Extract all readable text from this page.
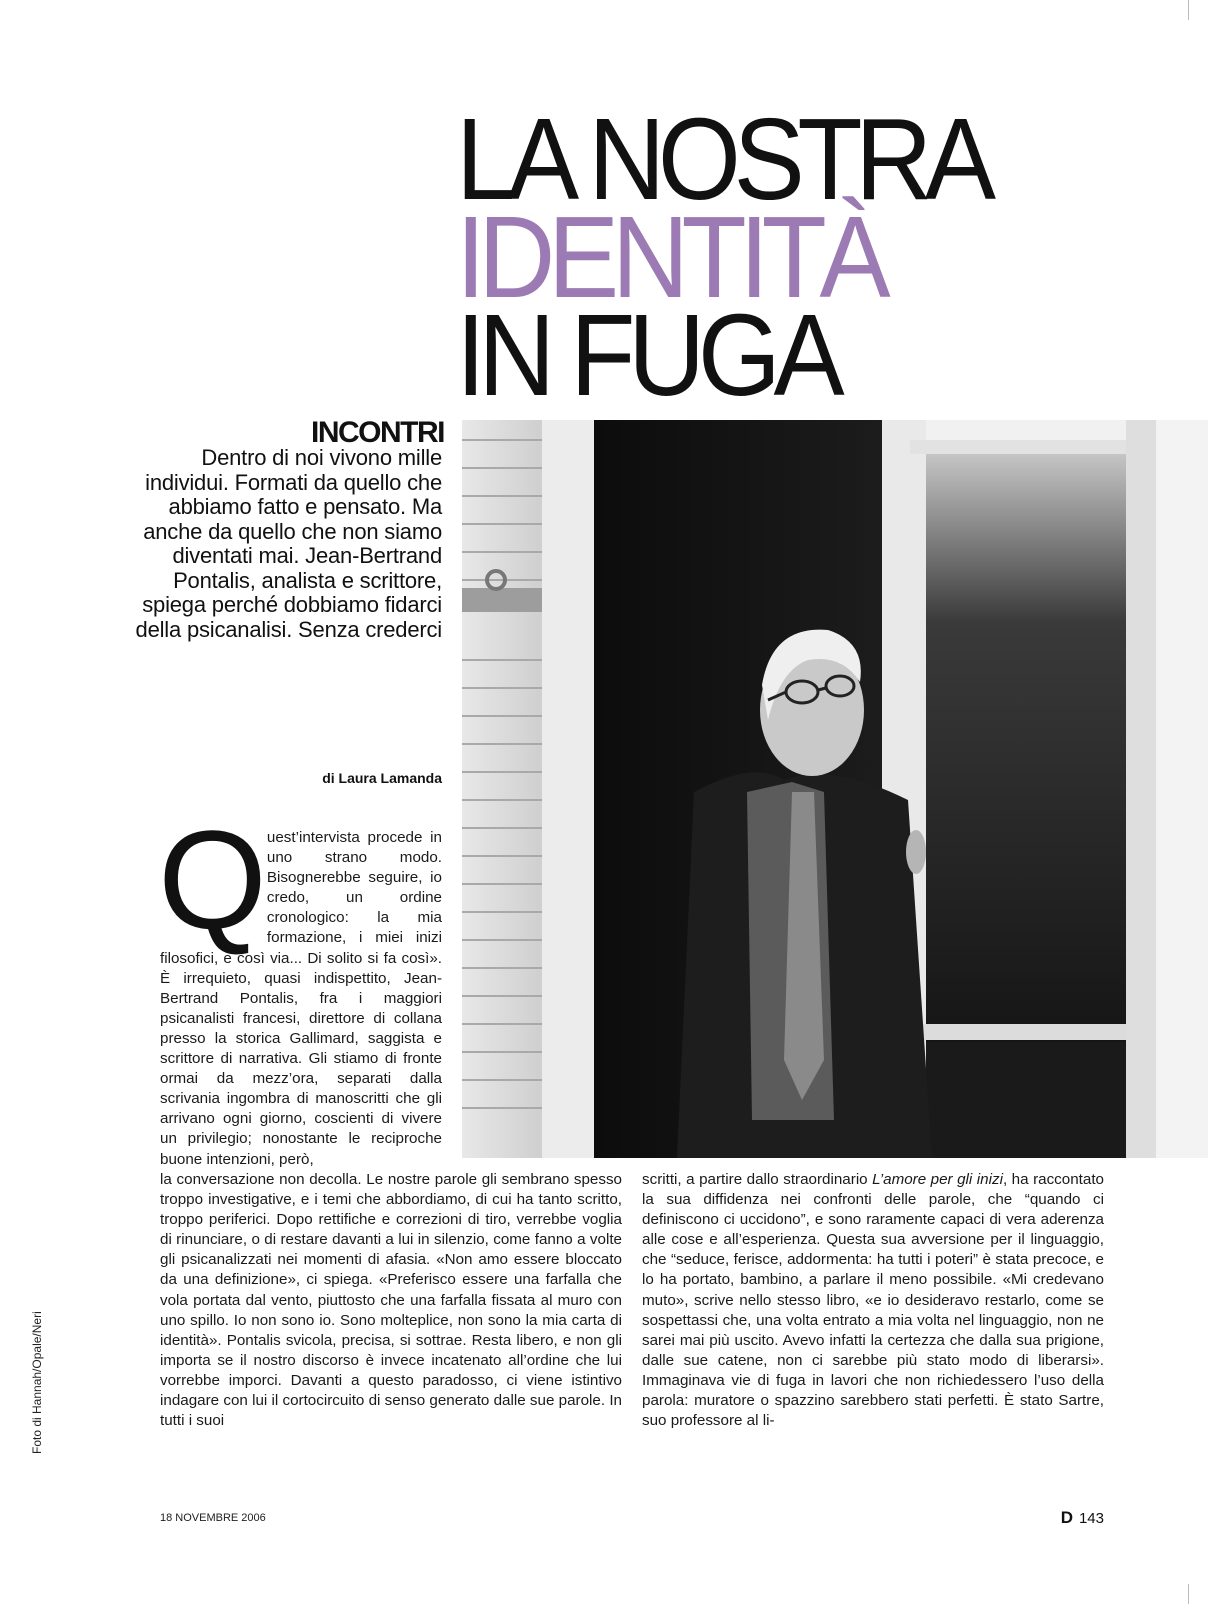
LA NOSTRA
IDENTITÀ
IN FUGA
INCONTRI
Dentro di noi vivono mille individui. Formati da quello che abbiamo fatto e pensato. Ma anche da quello che non siamo diventati mai. Jean-Bertrand Pontalis, analista e scrittore, spiega perché dobbiamo fidarci della psicanalisi. Senza crederci
di Laura Lamanda
Quest’intervista procede in uno strano modo. Bisognerebbe seguire, io credo, un ordine cronologico: la mia formazione, i miei inizi filosofici, e così via... Di solito si fa così». È irrequieto, quasi indispettito, Jean-Bertrand Pontalis, fra i maggiori psicanalisti francesi, direttore di collana presso la storica Gallimard, saggista e scrittore di narrativa. Gli stiamo di fronte ormai da mezz’ora, separati dalla scrivania ingombra di manoscritti che gli arrivano ogni giorno, coscienti di vivere un privilegio; nonostante le reciproche buone intenzioni, però,
la conversazione non decolla. Le nostre parole gli sembrano spesso troppo investigative, e i temi che abbordiamo, di cui ha tanto scritto, troppo periferici. Dopo rettifiche e correzioni di tiro, verrebbe voglia di rinunciare, o di restare davanti a lui in silenzio, come fanno a volte gli psicanalizzati nei momenti di afasia. «Non amo essere bloccato da una definizione», ci spiega. «Preferisco essere una farfalla che vola portata dal vento, piuttosto che una farfalla fissata al muro con uno spillo. Io non sono io. Sono molteplice, non sono la mia carta di identità». Pontalis svicola, precisa, si sottrae. Resta libero, e non gli importa se il nostro discorso è invece incatenato all’ordine che lui vorrebbe imporci. Davanti a questo paradosso, ci viene istintivo indagare con lui il cortocircuito di senso generato dalle sue parole. In tutti i suoi
scritti, a partire dallo straordinario L’amore per gli inizi, ha raccontato la sua diffidenza nei confronti delle parole, che “quando ci definiscono ci uccidono”, e sono raramente capaci di vera aderenza alle cose e all’esperienza. Questa sua avversione per il linguaggio, che “seduce, ferisce, addormenta: ha tutti i poteri” è stata precoce, e lo ha portato, bambino, a parlare il meno possibile. «Mi credevano muto», scrive nello stesso libro, «e io desideravo restarlo, come se sospettassi che, una volta entrato a mia volta nel linguaggio, non ne sarei mai più uscito. Avevo infatti la certezza che dalla sua prigione, dalle sue catene, non ci sarebbe più stato modo di liberarsi». Immaginava vie di fuga in lavori che non richiedessero l’uso della parola: muratore o spazzino sarebbero stati perfetti. È stato Sartre, suo professore al li-
Foto di Hannah/Opale/Neri
18 NOVEMBRE 2006	D 143
